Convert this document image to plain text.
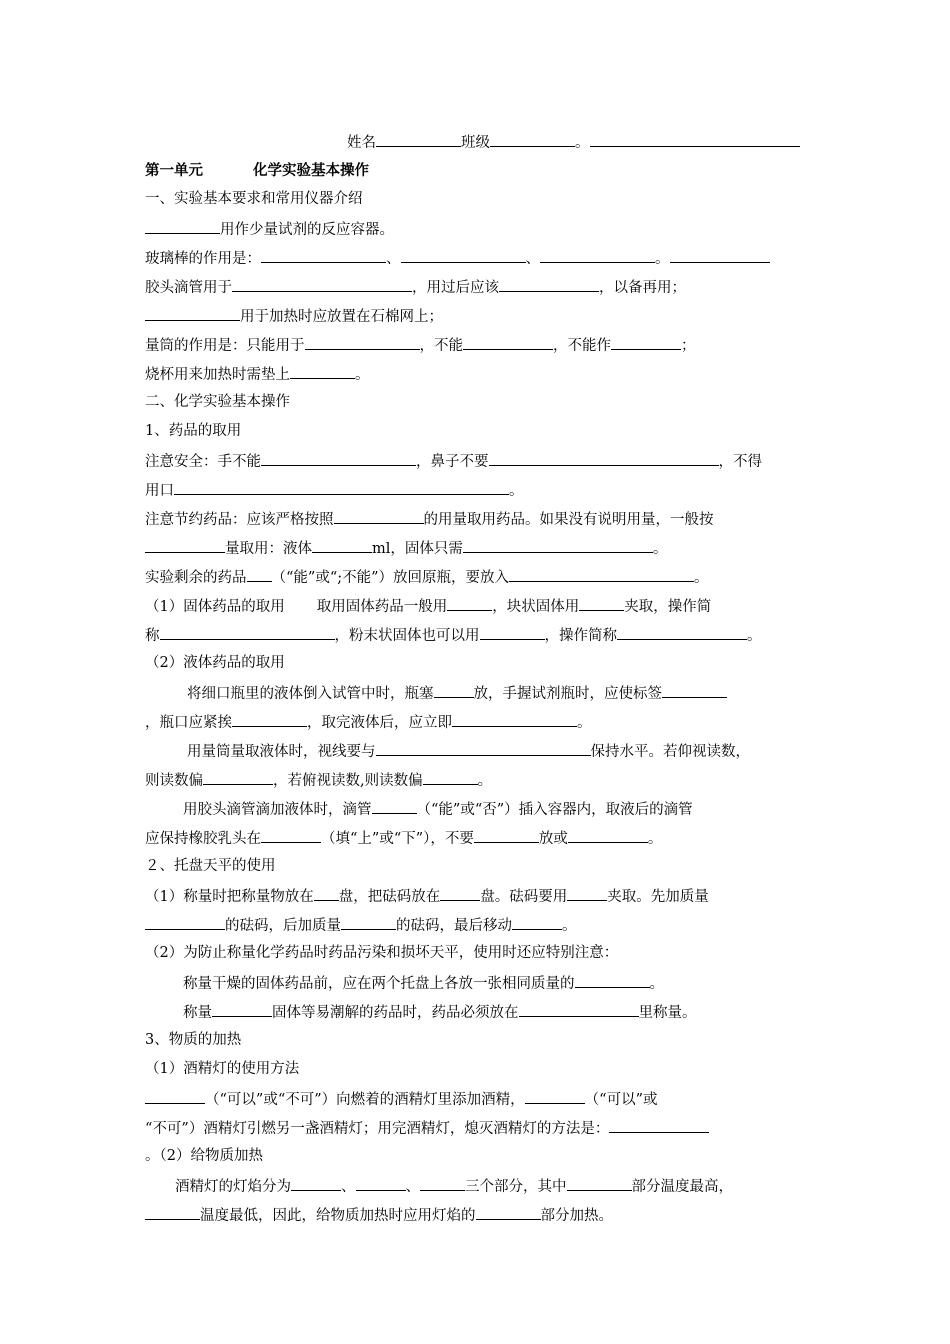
姓名	班级	。
第一单元	化学实验基本操作
一、实验基本要求和常用仪器介绍
用作少量试剂的反应容器。
玻璃棒的作用是：	、	、	。
胶头滴管用于	，用过后应该	，以备再用；
用于加热时应放置在石棉网上；
量筒的作用是：只能用于	，不能	，不能作	；
烧杯用来加热时需垫上	。
二、化学实验基本操作
1、药品的取用
注意安全：手不能	，鼻子不要	，不得
用口	。
注意节约药品：应该严格按照	的用量取用药品。如果没有说明用量，一般按
量取用：液体	ml，固体只需	。
实验剩余的药品 （“能”或“;不能”）放回原瓶，要放入	。
（1）固体药品的取用 取用固体药品一般用	，块状固体用	夹取，操作简
称	，粉末状固体也可以用	，操作简称	。
（2）液体药品的取用
将细口瓶里的液体倒入试管中时，瓶塞	放，手握试剂瓶时，应使标签
，瓶口应紧挨	，取完液体后，应立即	。
用量筒量取液体时，视线要与	保持水平。若仰视读数，
则读数偏	，若俯视读数,则读数偏	。
用胶头滴管滴加液体时，滴管	（“能”或“否”）插入容器内，取液后的滴管
应保持橡胶乳头在	（填“上”或“下”），不要	放或	。
２、托盘天平的使用
（1）称量时把称量物放在 盘，把砝码放在	盘。砝码要用	夹取。先加质量
的砝码，后加质量	的砝码，最后移动	。
（2）为防止称量化学药品时药品污染和损坏天平，使用时还应特别注意：
称量干燥的固体药品前，应在两个托盘上各放一张相同质量的	。
称量	固体等易潮解的药品时，药品必须放在	里称量。
3、物质的加热
（1）酒精灯的使用方法
（“可以”或“不可”）向燃着的酒精灯里添加酒精，	（“可以”或
“不可”）酒精灯引燃另一盏酒精灯；用完酒精灯，熄灭酒精灯的方法是：
。（2）给物质加热
酒精灯的灯焰分为	、	、	三个部分，其中	部分温度最高，
温度最低，因此，给物质加热时应用灯焰的	部分加热。
